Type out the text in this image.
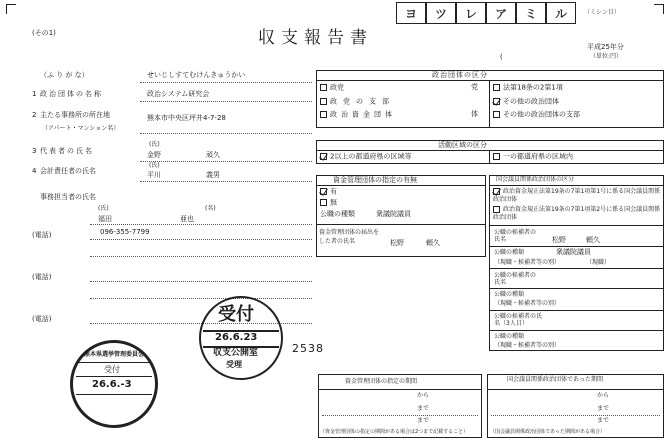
(その1)	収支報告書
ヨ	ツ	レ	ア	ミ	ル	（ミシン目）
平成25年分
（単位:円）
(
（ふ り が な）	せいじしすてむけんきゅうかい
1 政治団体の名称	政治システム研究会
2 主たる事務所の所在地
（アパート・マンション名）
熊本市中央区坪井4-7-28
3 代表者の氏名
(氏)
金野	頑久
4 会計責任者の氏名
(氏)
平川	義男
事務担当者の氏名
(氏)	(名)
福田	亜也
(電話)	096-355-7799
(電話)
(電話)
政治団体の区分
政党	党
政党の支部
政治資金団体	体
法第18条の2第1項
その他の政治団体
その他の政治団体の支部
活動区域の区分
2以上の都道府県の区域等	一の都道府県の区域内
資金管理団体の指定の有無
有
無
公職の種類	衆議院議員
資金管理団体の届出をした者の氏名	松野	頼久
国会議員関係政治団体の区分
政治資金規正法第19条の7第1項第1号に係る国会議員関係政治団体
政治資金規正法第19条の7第1項第2号に係る国会議員関係政治団体
公職の候補者の氏名	松野	頼久
公職の種類	衆議院議員
（現職・候補者等の別）	（現職）
公職の候補者の氏名
公職の種類
（現職・候補者等の別）
公職の候補者の氏名（3人目）
公職の種類
（現職・候補者等の別）
2538
受付
26.6.23
収支公開室
受理
熊本県選挙管理委員会
受付
26.6.-3	資金管理団体の指定の期間
から
まで
まで
（資金管理団体の指定の期間がある場合は2つまで記載すること）
国会議員関係政治団体であった期間
から
まで
まで
（国会議員関係政治団体であった期間がある場合）
